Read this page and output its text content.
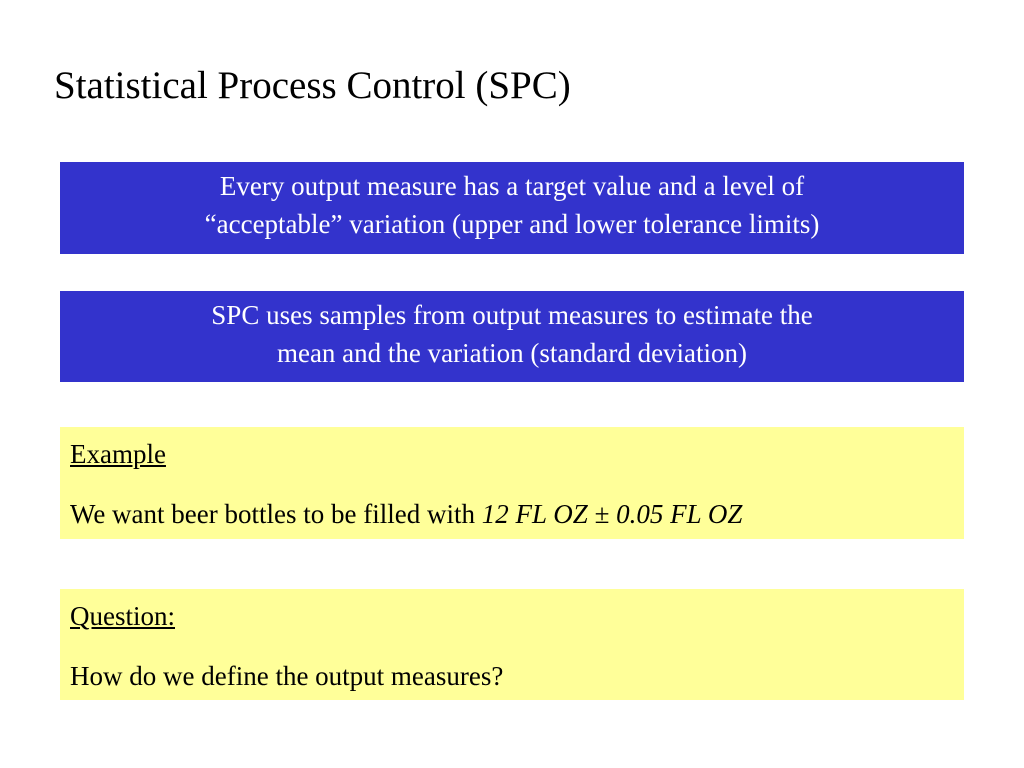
Statistical Process Control (SPC)
Every output measure has a target value and a level of
“acceptable” variation (upper and lower tolerance limits)
SPC uses samples from output measures to estimate the
mean and the variation (standard deviation)
Example
We want beer bottles to be filled with 12 FL OZ ± 0.05 FL OZ
Question:
How do we define the output measures?
